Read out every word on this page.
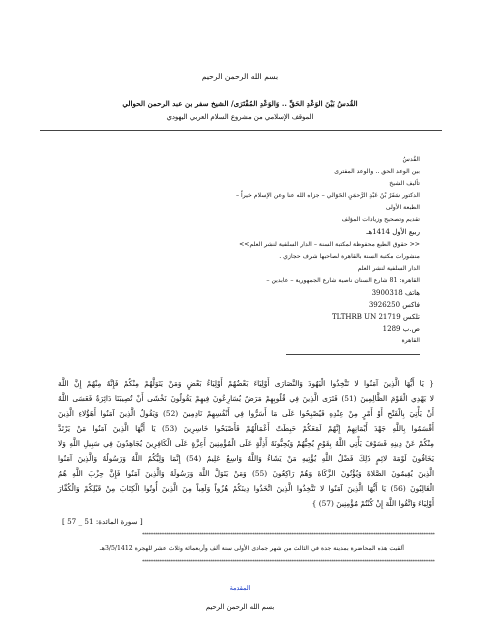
بسم الله الرحمن الرحيم
القُدسُ بَيْنَ الوَعْدِ الحَقِّ .. وَالوَعْدِ المُفْتَرَى/ الشيخ سفر بن عبد الرحمن الحوالي
الموقف الإسلامي من مشروع السلام العربي اليهودي
القُدسُ
بين الوعد الحق .. والوعد المفترى
تأليف الشيخ
الدكتور سَفَرُ بْنُ عَبْدِ الرَّحمَنِ الحَوَالي – جزاه الله عنا وعن الإسلام خيراً –
الطبعة الأولى
تقديم وتصحيح وزيادات المؤلف
ربيع الأول 1414هـ
<< حقوق الطبع محفوظة لمكتبة السنة – الدار السلفية لنشر العلم>>
منشورات مكتبة السنة بالقاهرة لصاحبها شرف حجازي .
الدار السلفية لنشر العلم
القاهرة: 81 شارع السنان ناصية شارع الجمهورية – عابدين –
هاتف 3900318
فاكس 3926250
تلكس 21719 TLTHRB UN
ص.ب 1289
القاهرة
{ يَا أَيُّهَا الَّذِينَ آمَنُوا لا تَتَّخِذُوا الْيَهُودَ وَالنَّصَارَى أَوْلِيَاءَ بَعْضُهُمْ أَوْلِيَاءُ بَعْضٍ وَمَنْ يَتَوَلَّهُمْ مِنْكُمْ فَإِنَّهُ مِنْهُمْ إِنَّ اللَّهَ
لا يَهْدِي الْقَوْمَ الظَّالِمِينَ (51) فَتَرَى الَّذِينَ فِي قُلُوبِهِمْ مَرَضٌ يُسَارِعُونَ فِيهِمْ يَقُولُونَ نَخْشَى أَنْ تُصِيبَنَا دَائِرَةٌ فَعَسَى اللَّهُ
أَنْ يَأْتِيَ بِالْفَتْحِ أَوْ أَمْرٍ مِنْ عِنْدِهِ فَيُصْبِحُوا عَلَى مَا أَسَرُّوا فِي أَنْفُسِهِمْ نَادِمِينَ (52) وَيَقُولُ الَّذِينَ آمَنُوا أَهَؤُلاءِ الَّذِينَ
أَقْسَمُوا بِاللَّهِ جَهْدَ أَيْمَانِهِمْ إِنَّهُمْ لَمَعَكُمْ حَبِطَتْ أَعْمَالُهُمْ فَأَصْبَحُوا خَاسِرِينَ (53) يَا أَيُّهَا الَّذِينَ آمَنُوا مَنْ يَرْتَدَّ
مِنْكُمْ عَنْ دِينِهِ فَسَوْفَ يَأْتِي اللَّهُ بِقَوْمٍ يُحِبُّهُمْ وَيُحِبُّونَهُ أَذِلَّةٍ عَلَى الْمُؤْمِنِينَ أَعِزَّةٍ عَلَى الْكَافِرِينَ يُجَاهِدُونَ فِي سَبِيلِ اللَّهِ وَلا
يَخَافُونَ لَوْمَةَ لائِمٍ ذَلِكَ فَضْلُ اللَّهِ يُؤْتِيهِ مَنْ يَشَاءُ وَاللَّهُ وَاسِعٌ عَلِيمٌ (54) إِنَّمَا وَلِيُّكُمُ اللَّهُ وَرَسُولُهُ وَالَّذِينَ آمَنُوا
الَّذِينَ يُقِيمُونَ الصَّلاةَ وَيُؤْتُونَ الزَّكَاةَ وَهُمْ رَاكِعُونَ (55) وَمَنْ يَتَوَلَّ اللَّهَ وَرَسُولَهُ وَالَّذِينَ آمَنُوا فَإِنَّ حِزْبَ اللَّهِ هُمُ
الْغَالِبُونَ (56) يَا أَيُّهَا الَّذِينَ آمَنُوا لا تَتَّخِذُوا الَّذِينَ اتَّخَذُوا دِينَكُمْ هُزُواً وَلَعِباً مِنَ الَّذِينَ أُوتُوا الْكِتَابَ مِنْ قَبْلِكُمْ وَالْكُفَّارَ
أَوْلِيَاءَ وَاتَّقُوا اللَّهَ إِنْ كُنْتُمْ مُؤْمِنِينَ (57) }
[ سورة المائدة: 51 _ 57 ]
*************************************************************************************************************************************
ألقيت هذه المحاضرة بمدينة جدة في الثالث من شهر جمادى الأولى سنة ألف وأربعمائة وثلاث عشر للهجرة 3/5/1412هـ
*************************************************************************************************************************************
المقدمة
بسم الله الرحمن الرحيم
